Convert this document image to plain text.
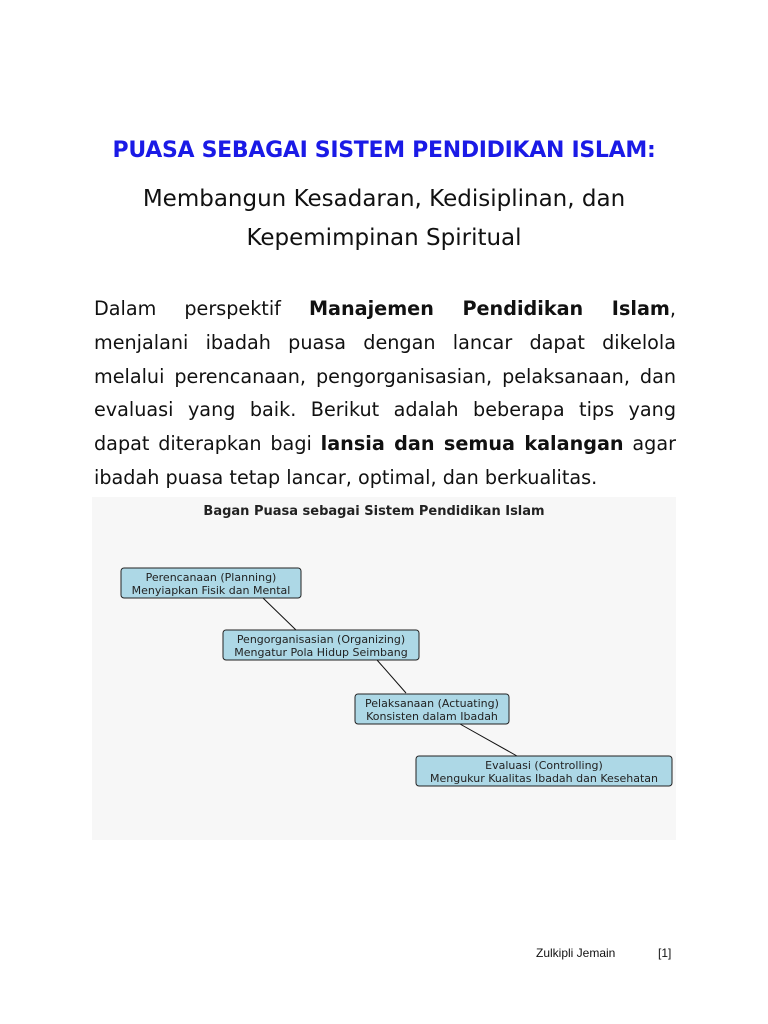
PUASA SEBAGAI SISTEM PENDIDIKAN ISLAM:
Membangun Kesadaran, Kedisiplinan, dan Kepemimpinan Spiritual
Dalam perspektif Manajemen Pendidikan Islam, menjalani ibadah puasa dengan lancar dapat dikelola melalui perencanaan, pengorganisasian, pelaksanaan, dan evaluasi yang baik. Berikut adalah beberapa tips yang dapat diterapkan bagi lansia dan semua kalangan agar ibadah puasa tetap lancar, optimal, dan berkualitas.
Bagan Puasa sebagai Sistem Pendidikan Islam
Perencanaan (Planning)
Menyiapkan Fisik dan Mental
Pengorganisasian (Organizing)
Mengatur Pola Hidup Seimbang
Pelaksanaan (Actuating)
Konsisten dalam Ibadah
Evaluasi (Controlling)
Mengukur Kualitas Ibadah dan Kesehatan
Zulkipli Jemain	[1]
